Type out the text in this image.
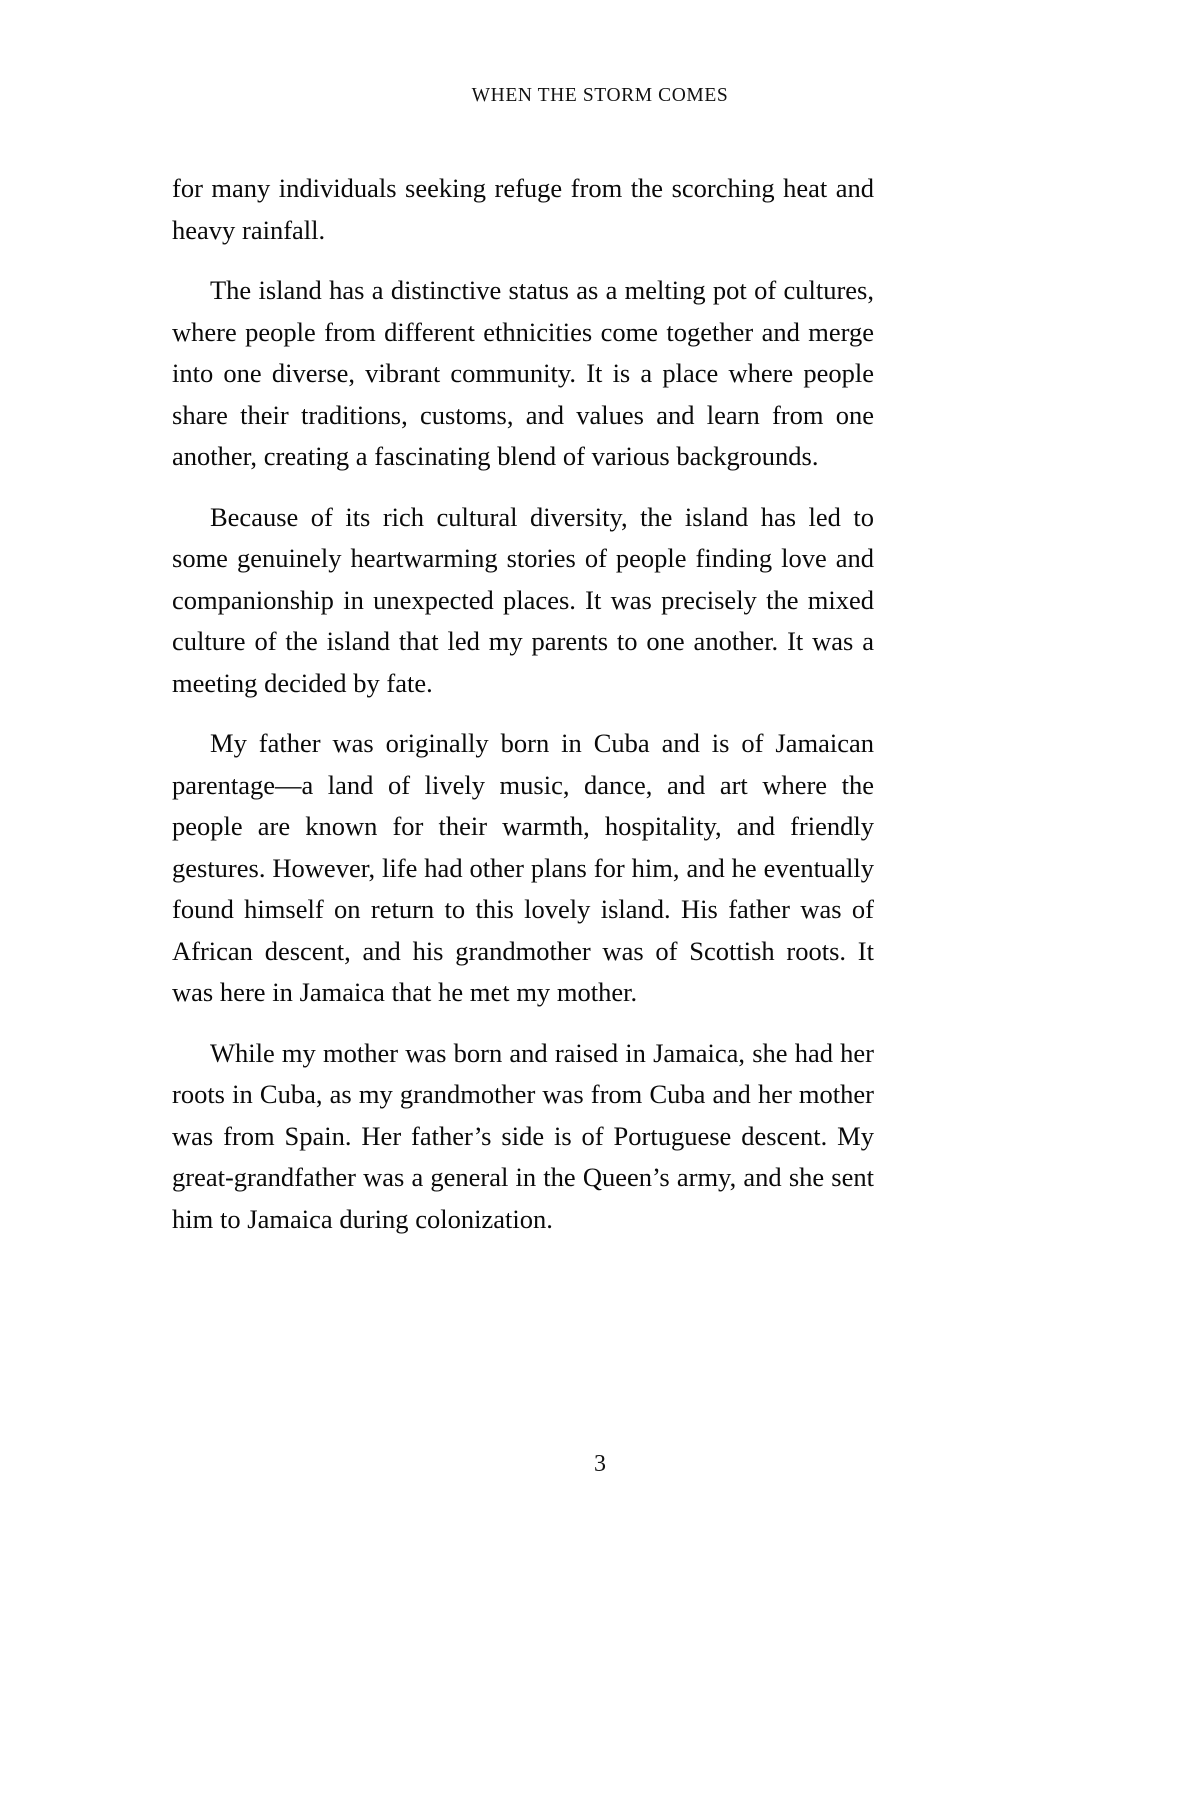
WHEN THE STORM COMES

for many individuals seeking refuge from the scorching heat and heavy rainfall.

The island has a distinctive status as a melting pot of cultures, where people from different ethnicities come together and merge into one diverse, vibrant community. It is a place where people share their traditions, customs, and values and learn from one another, creating a fascinating blend of various backgrounds.

Because of its rich cultural diversity, the island has led to some genuinely heartwarming stories of people finding love and companionship in unexpected places. It was precisely the mixed culture of the island that led my parents to one another. It was a meeting decided by fate.

My father was originally born in Cuba and is of Jamaican parentage—a land of lively music, dance, and art where the people are known for their warmth, hospitality, and friendly gestures. However, life had other plans for him, and he eventually found himself on return to this lovely island. His father was of African descent, and his grandmother was of Scottish roots. It was here in Jamaica that he met my mother.

While my mother was born and raised in Jamaica, she had her roots in Cuba, as my grandmother was from Cuba and her mother was from Spain. Her father’s side is of Portuguese descent. My great-grandfather was a general in the Queen’s army, and she sent him to Jamaica during colonization.

3
